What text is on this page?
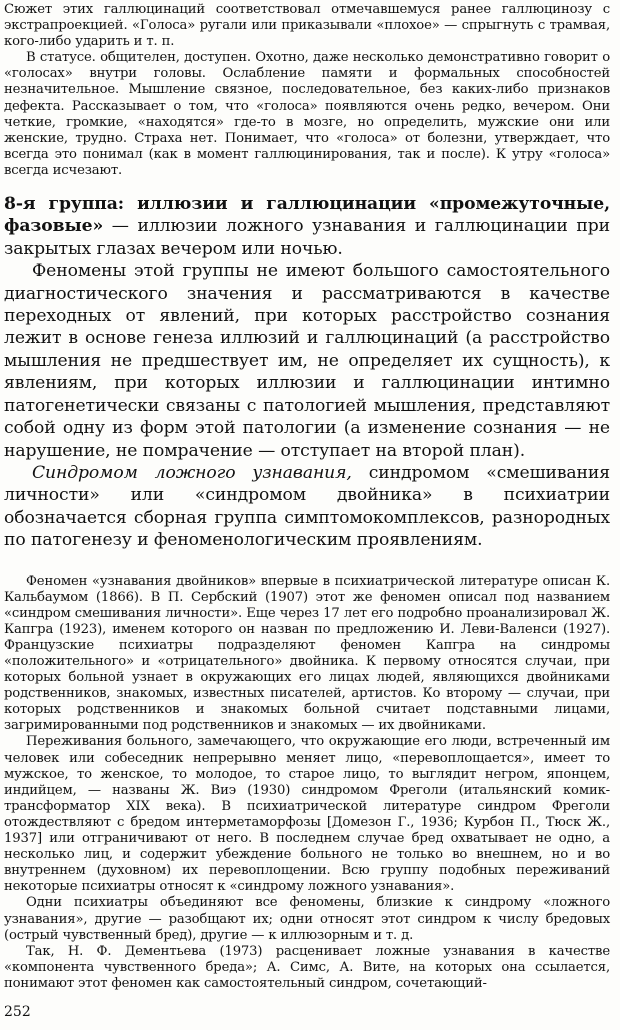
Сюжет этих галлюцинаций соответствовал отмечавшемуся ранее галлюцинозу с экстрапроекцией. «Голоса» ругали или приказывали «плохое» — спрыгнуть с трамвая, кого-либо ударить и т. п.

В статусе. общителен, доступен. Охотно, даже несколько демонстративно говорит о «голосах» внутри головы. Ослабление памяти и формальных способностей незначительное. Мышление связное, последовательное, без каких-либо признаков дефекта. Рассказывает о том, что «голоса» появляются очень редко, вечером. Они четкие, громкие, «находятся» где-то в мозге, но определить, мужские они или женские, трудно. Страха нет. Понимает, что «голоса» от болезни, утверждает, что всегда это понимал (как в момент галлюцинирования, так и после). К утру «голоса» всегда исчезают.

8-я группа: иллюзии и галлюцинации «промежуточные, фазовые» — иллюзии ложного узнавания и галлюцинации при закрытых глазах вечером или ночью.

Феномены этой группы не имеют большого самостоятельного диагностического значения и рассматриваются в качестве переходных от явлений, при которых расстройство сознания лежит в основе генеза иллюзий и галлюцинаций (а расстройство мышления не предшествует им, не определяет их сущность), к явлениям, при которых иллюзии и галлюцинации интимно патогенетически связаны с патологией мышления, представляют собой одну из форм этой патологии (а изменение сознания — не нарушение, не помрачение — отступает на второй план).

Синдромом ложного узнавания, синдромом «смешивания личности» или «синдромом двойника» в психиатрии обозначается сборная группа симптомокомплексов, разнородных по патогенезу и феноменологическим проявлениям.

Феномен «узнавания двойников» впервые в психиатрической литературе описан К. Кальбаумом (1866). В П. Сербский (1907) этот же феномен описал под названием «синдром смешивания личности». Еще через 17 лет его подробно проанализировал Ж. Капгра (1923), именем которого он назван по предложению И. Леви-Валенси (1927). Французские психиатры подразделяют феномен Капгра на синдромы «положительного» и «отрицательного» двойника. К первому относятся случаи, при которых больной узнает в окружающих его лицах людей, являющихся двойниками родственников, знакомых, известных писателей, артистов. Ко второму — случаи, при которых родственников и знакомых больной считает подставными лицами, загримированными под родственников и знакомых — их двойниками.

Переживания больного, замечающего, что окружающие его люди, встреченный им человек или собеседник непрерывно меняет лицо, «перевоплощается», имеет то мужское, то женское, то молодое, то старое лицо, то выглядит негром, японцем, индийцем, — названы Ж. Виэ (1930) синдромом Фреголи (итальянский комик-трансформатор XIX века). В психиатрической литературе синдром Фреголи отождествляют с бредом интерметаморфозы [Домезон Г., 1936; Курбон П., Тюск Ж., 1937] или отграничивают от него. В последнем случае бред охватывает не одно, а несколько лиц, и содержит убеждение больного не только во внешнем, но и во внутреннем (духовном) их перевоплощении. Всю группу подобных переживаний некоторые психиатры относят к «синдрому ложного узнавания».

Одни психиатры объединяют все феномены, близкие к синдрому «ложного узнавания», другие — разобщают их; одни относят этот синдром к числу бредовых (острый чувственный бред), другие — к иллюзорным и т. д.

Так, Н. Ф. Дементьева (1973) расценивает ложные узнавания в качестве «компонента чувственного бреда»; А. Симс, А. Вите, на которых она ссылается, понимают этот феномен как самостоятельный синдром, сочетающий-

252
